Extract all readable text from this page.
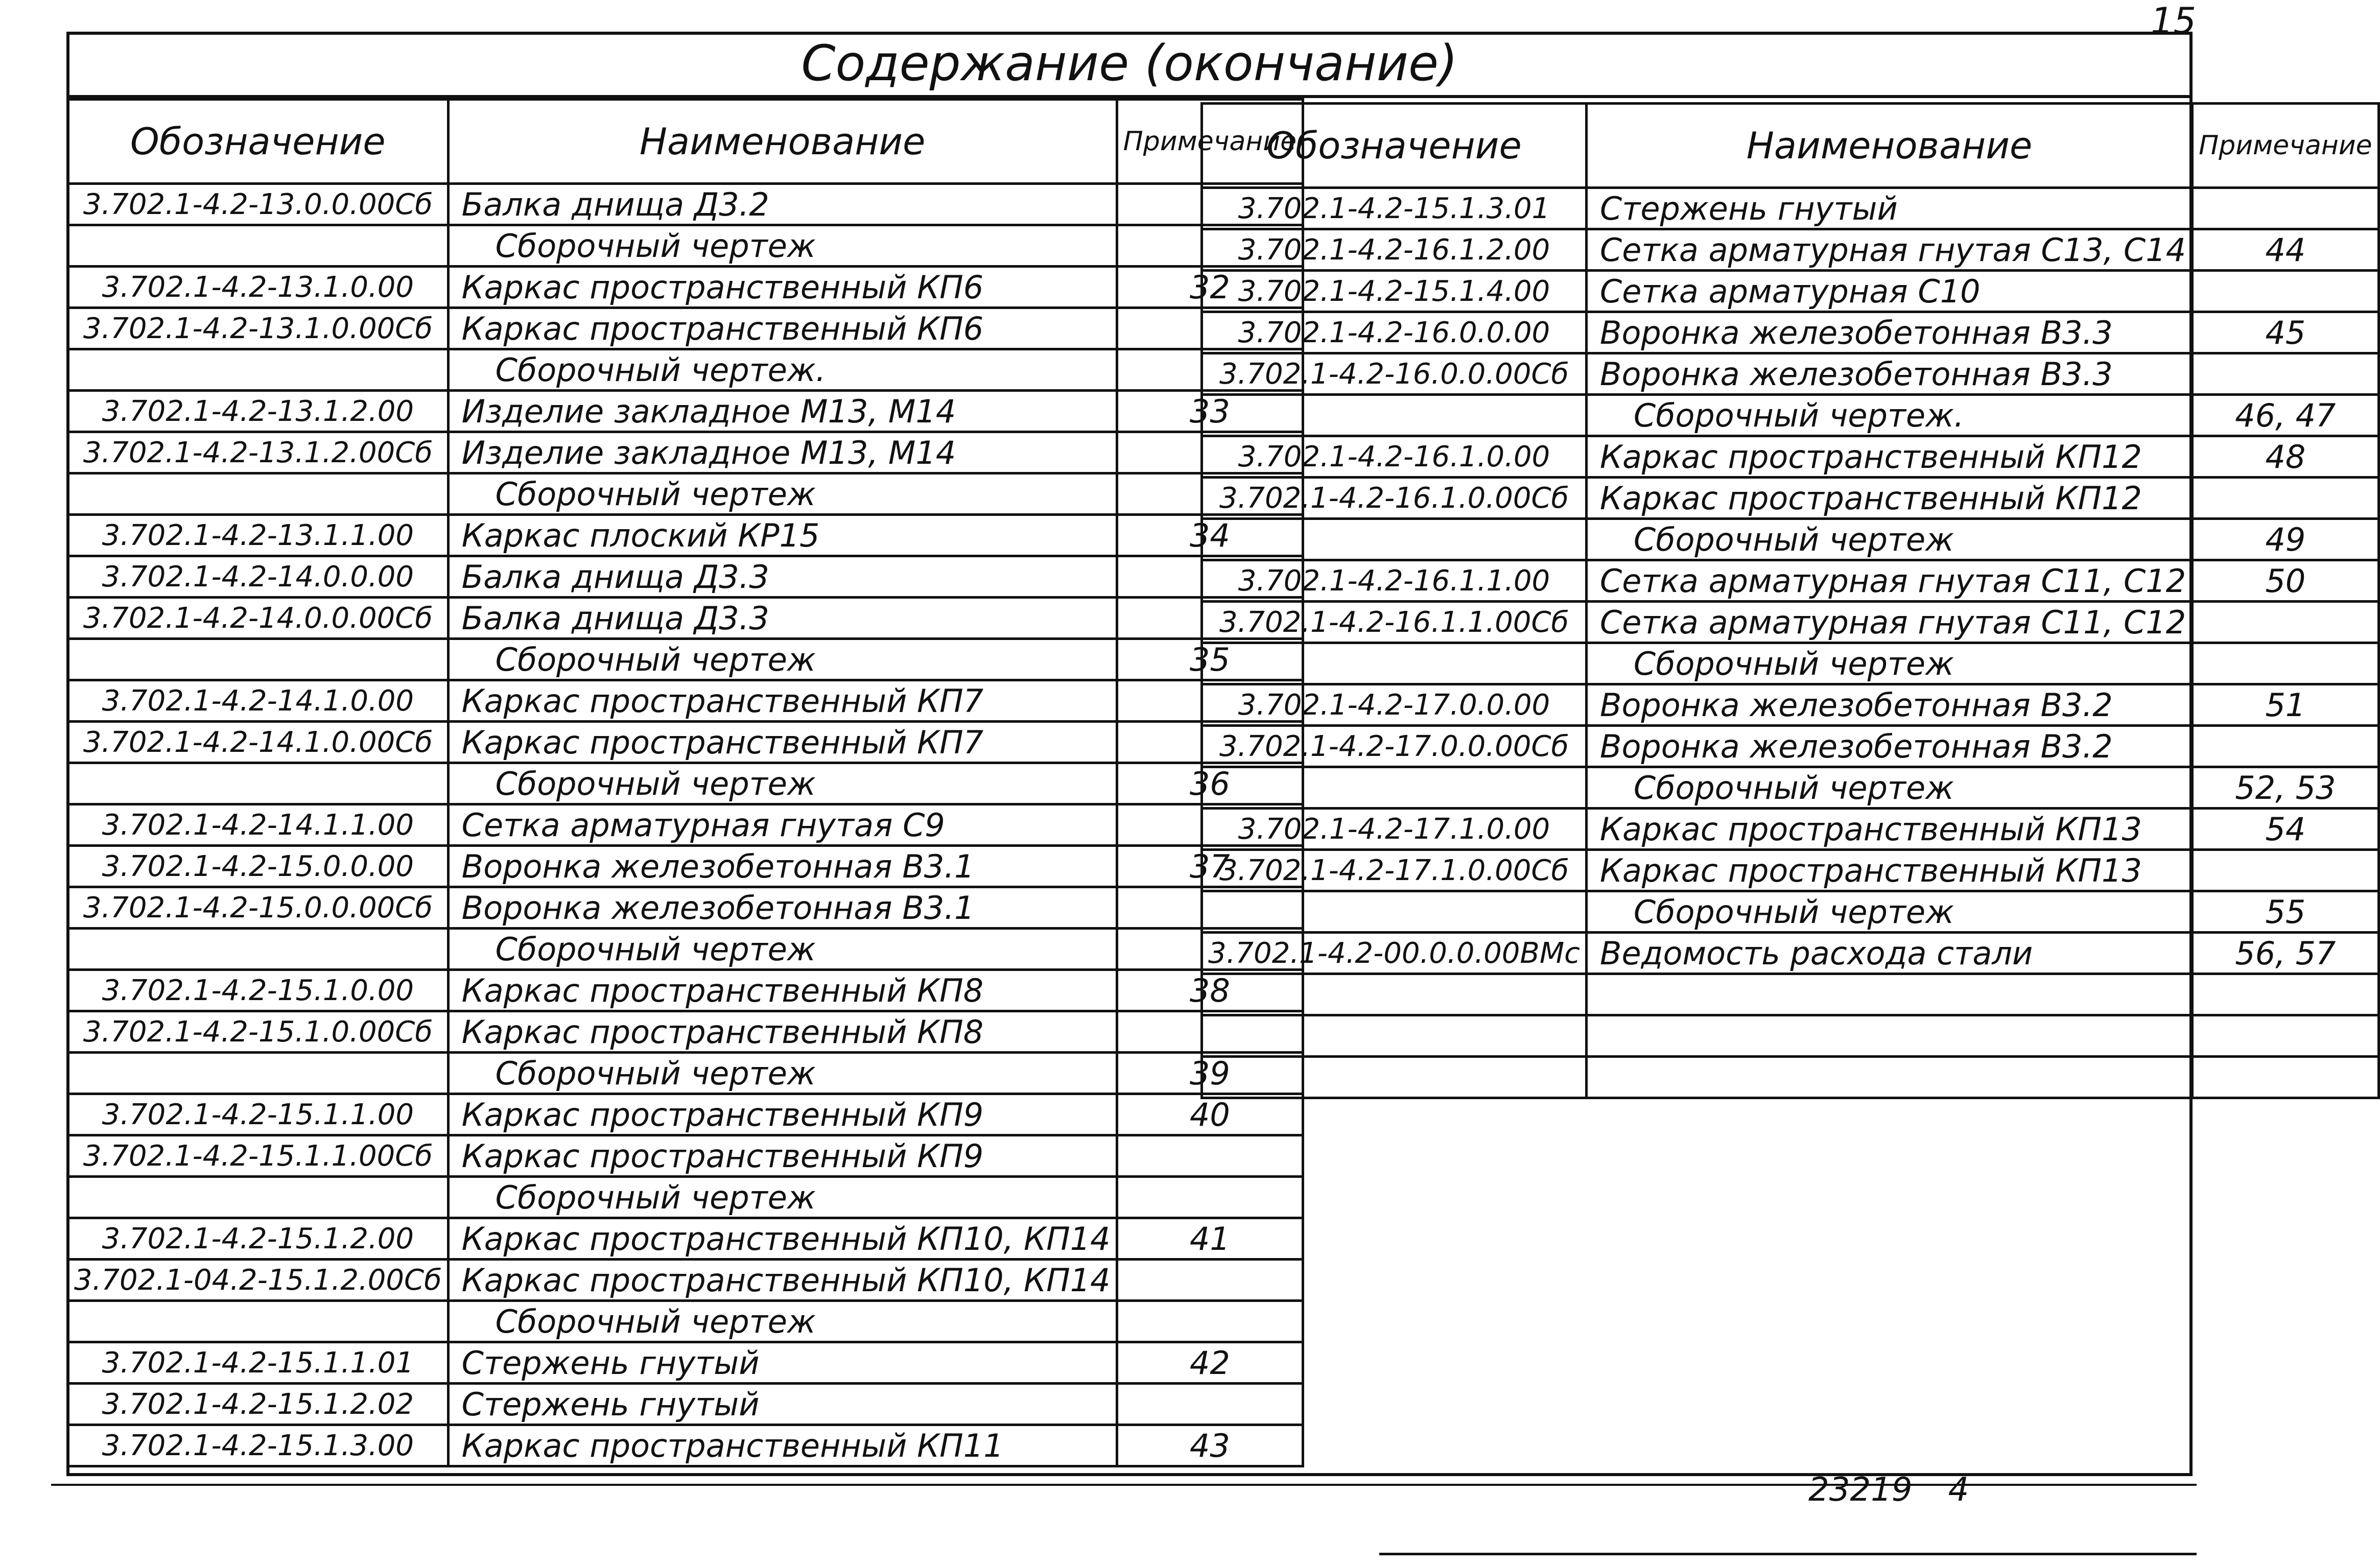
Содержание (окончание)
15
Обозначение	Наименование	Примечание
3.702.1-4.2-13.0.0.00Сб	Балка днища Д3.2	
	Сборочный чертеж	
3.702.1-4.2-13.1.0.00	Каркас пространственный КП6	32
3.702.1-4.2-13.1.0.00Сб	Каркас пространственный КП6	
	Сборочный чертеж.	
3.702.1-4.2-13.1.2.00	Изделие закладное М13, М14	33
3.702.1-4.2-13.1.2.00Сб	Изделие закладное М13, М14	
	Сборочный чертеж	
3.702.1-4.2-13.1.1.00	Каркас плоский КР15	34
3.702.1-4.2-14.0.0.00	Балка днища Д3.3	
3.702.1-4.2-14.0.0.00Сб	Балка днища Д3.3	
	Сборочный чертеж	35
3.702.1-4.2-14.1.0.00	Каркас пространственный КП7	
3.702.1-4.2-14.1.0.00Сб	Каркас пространственный КП7	
	Сборочный чертеж	36
3.702.1-4.2-14.1.1.00	Сетка арматурная гнутая С9	
3.702.1-4.2-15.0.0.00	Воронка железобетонная В3.1	37
3.702.1-4.2-15.0.0.00Сб	Воронка железобетонная В3.1	
	Сборочный чертеж	
3.702.1-4.2-15.1.0.00	Каркас пространственный КП8	38
3.702.1-4.2-15.1.0.00Сб	Каркас пространственный КП8	
	Сборочный чертеж	39
3.702.1-4.2-15.1.1.00	Каркас пространственный КП9	40
3.702.1-4.2-15.1.1.00Сб	Каркас пространственный КП9	
	Сборочный чертеж	
3.702.1-4.2-15.1.2.00	Каркас пространственный КП10, КП14	41
3.702.1-04.2-15.1.2.00Сб	Каркас пространственный КП10, КП14	
	Сборочный чертеж	
3.702.1-4.2-15.1.1.01	Стержень гнутый	42
3.702.1-4.2-15.1.2.02	Стержень гнутый	
3.702.1-4.2-15.1.3.00	Каркас пространственный КП11	43
Обозначение	Наименование	Примечание
3.702.1-4.2-15.1.3.01	Стержень гнутый	
3.702.1-4.2-16.1.2.00	Сетка арматурная гнутая С13, С14	44
3.702.1-4.2-15.1.4.00	Сетка арматурная С10	
3.702.1-4.2-16.0.0.00	Воронка железобетонная В3.3	45
3.702.1-4.2-16.0.0.00Сб	Воронка железобетонная В3.3	
	Сборочный чертеж.	46, 47
3.702.1-4.2-16.1.0.00	Каркас пространственный КП12	48
3.702.1-4.2-16.1.0.00Сб	Каркас пространственный КП12	
	Сборочный чертеж	49
3.702.1-4.2-16.1.1.00	Сетка арматурная гнутая С11, С12	50
3.702.1-4.2-16.1.1.00Сб	Сетка арматурная гнутая С11, С12	
	Сборочный чертеж	
3.702.1-4.2-17.0.0.00	Воронка железобетонная В3.2	51
3.702.1-4.2-17.0.0.00Сб	Воронка железобетонная В3.2	
	Сборочный чертеж	52, 53
3.702.1-4.2-17.1.0.00	Каркас пространственный КП13	54
3.702.1-4.2-17.1.0.00Сб	Каркас пространственный КП13	
	Сборочный чертеж	55
3.702.1-4.2-00.0.0.00ВМс	Ведомость расхода стали	56, 57

23219 4
